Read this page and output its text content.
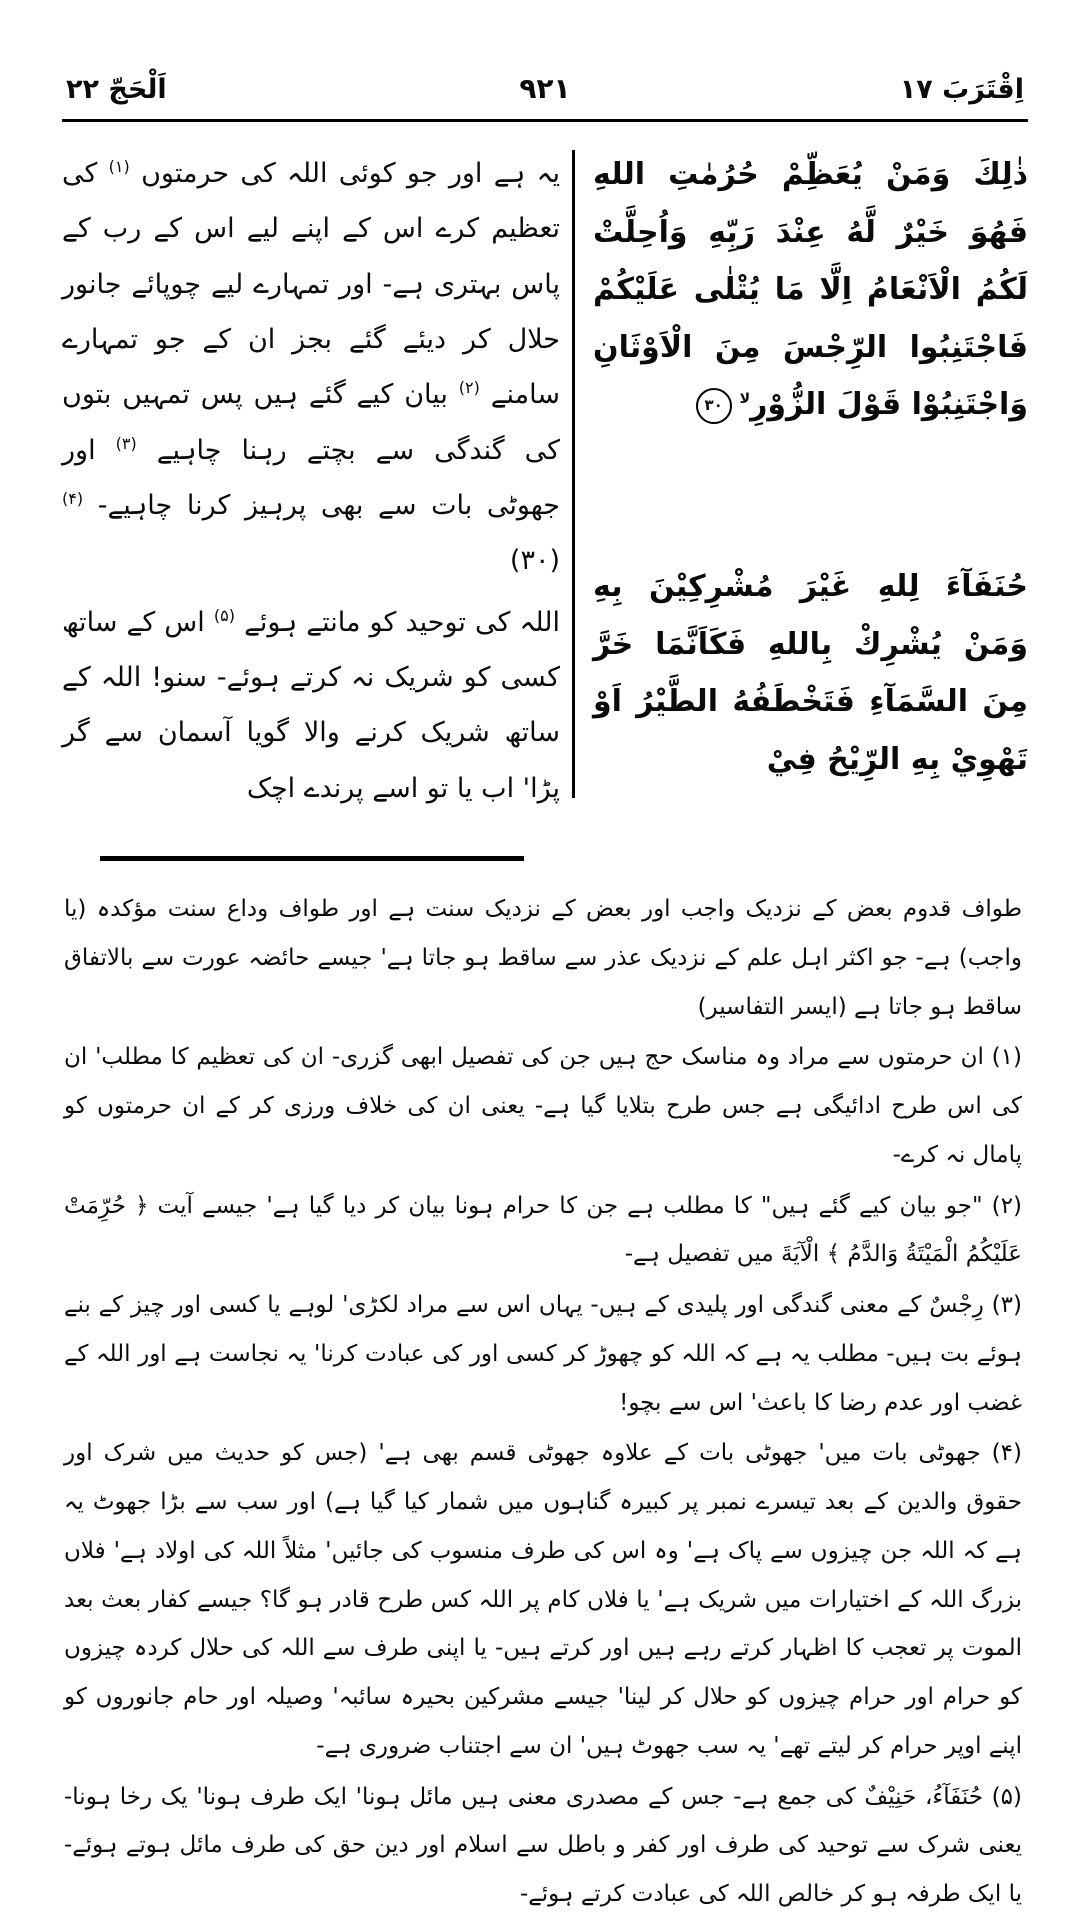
اَلْحَجّ ۲۲	۹۲۱	اِقْتَرَبَ ۱۷

یہ ہے اور جو کوئی اللہ کی حرمتوں $^{(۱)}$ کی تعظیم کرے اس کے اپنے لیے اس کے رب کے پاس بہتری ہے- اور تمہارے لیے چوپائے جانور حلال کر دیئے گئے بجز ان کے جو تمہارے سامنے $^{(۲)}$ بیان کیے گئے ہیں پس تمہیں بتوں کی گندگی سے بچتے رہنا چاہیے $^{(۳)}$ اور جھوٹی بات سے بھی پرہیز کرنا چاہیے- $^{(۴)}$ (۳۰)

اللہ کی توحید کو مانتے ہوئے $^{(۵)}$ اس کے ساتھ کسی کو شریک نہ کرتے ہوئے- سنو! اللہ کے ساتھ شریک کرنے والا گویا آسمان سے گر پڑا' اب یا تو اسے پرندے اچک

ذٰلِكَ وَمَنْ يُعَظِّمْ حُرُمٰتِ اللهِ فَهُوَ خَيْرٌ لَّهُ عِنْدَ رَبِّهِ وَاُحِلَّتْ لَكُمُ الْاَنْعَامُ اِلَّا مَا يُتْلٰى عَلَيْكُمْ فَاجْتَنِبُوا الرِّجْسَ مِنَ الْاَوْثَانِ وَاجْتَنِبُوْا قَوْلَ الزُّوْرِ$^{لا}$٣٠

حُنَفَآءَ لِلهِ غَيْرَ مُشْرِكِيْنَ بِهِ وَمَنْ يُشْرِكْ بِاللهِ فَكَاَنَّمَا خَرَّ مِنَ السَّمَآءِ فَتَخْطَفُهُ الطَّيْرُ اَوْ تَهْوِيْ بِهِ الرِّيْحُ فِيْ

طواف قدوم بعض کے نزدیک واجب اور بعض کے نزدیک سنت ہے اور طواف وداع سنت مؤکدہ (یا واجب) ہے- جو اکثر اہل علم کے نزدیک عذر سے ساقط ہو جاتا ہے' جیسے حائضہ عورت سے بالاتفاق ساقط ہو جاتا ہے (ایسر التفاسیر)

(۱) ان حرمتوں سے مراد وہ مناسک حج ہیں جن کی تفصیل ابھی گزری- ان کی تعظیم کا مطلب' ان کی اس طرح ادائیگی ہے جس طرح بتلایا گیا ہے- یعنی ان کی خلاف ورزی کر کے ان حرمتوں کو پامال نہ کرے-

(۲) "جو بیان کیے گئے ہیں" کا مطلب ہے جن کا حرام ہونا بیان کر دیا گیا ہے' جیسے آیت ﴿ حُرِّمَتْ عَلَيْكُمُ الْمَيْتَةُ وَالدَّمُ ﴾ الْآيَةَ میں تفصیل ہے-

(۳) رِجْسٌ کے معنی گندگی اور پلیدی کے ہیں- یہاں اس سے مراد لکڑی' لوہے یا کسی اور چیز کے بنے ہوئے بت ہیں- مطلب یہ ہے کہ اللہ کو چھوڑ کر کسی اور کی عبادت کرنا' یہ نجاست ہے اور اللہ کے غضب اور عدم رضا کا باعث' اس سے بچو!

(۴) جھوٹی بات میں' جھوٹی بات کے علاوہ جھوٹی قسم بھی ہے' (جس کو حدیث میں شرک اور حقوق والدین کے بعد تیسرے نمبر پر کبیرہ گناہوں میں شمار کیا گیا ہے) اور سب سے بڑا جھوٹ یہ ہے کہ اللہ جن چیزوں سے پاک ہے' وہ اس کی طرف منسوب کی جائیں' مثلاً اللہ کی اولاد ہے' فلاں بزرگ اللہ کے اختیارات میں شریک ہے' یا فلاں کام پر اللہ کس طرح قادر ہو گا؟ جیسے کفار بعث بعد الموت پر تعجب کا اظہار کرتے رہے ہیں اور کرتے ہیں- یا اپنی طرف سے اللہ کی حلال کردہ چیزوں کو حرام اور حرام چیزوں کو حلال کر لینا' جیسے مشرکین بحیرہ سائبہ' وصیلہ اور حام جانوروں کو اپنے اوپر حرام کر لیتے تھے' یہ سب جھوٹ ہیں' ان سے اجتناب ضروری ہے-

(۵) حُنَفَآءُ، حَنِيْفٌ کی جمع ہے- جس کے مصدری معنی ہیں مائل ہونا' ایک طرف ہونا' یک رخا ہونا- یعنی شرک سے توحید کی طرف اور کفر و باطل سے اسلام اور دین حق کی طرف مائل ہوتے ہوئے- یا ایک طرفہ ہو کر خالص اللہ کی عبادت کرتے ہوئے-
